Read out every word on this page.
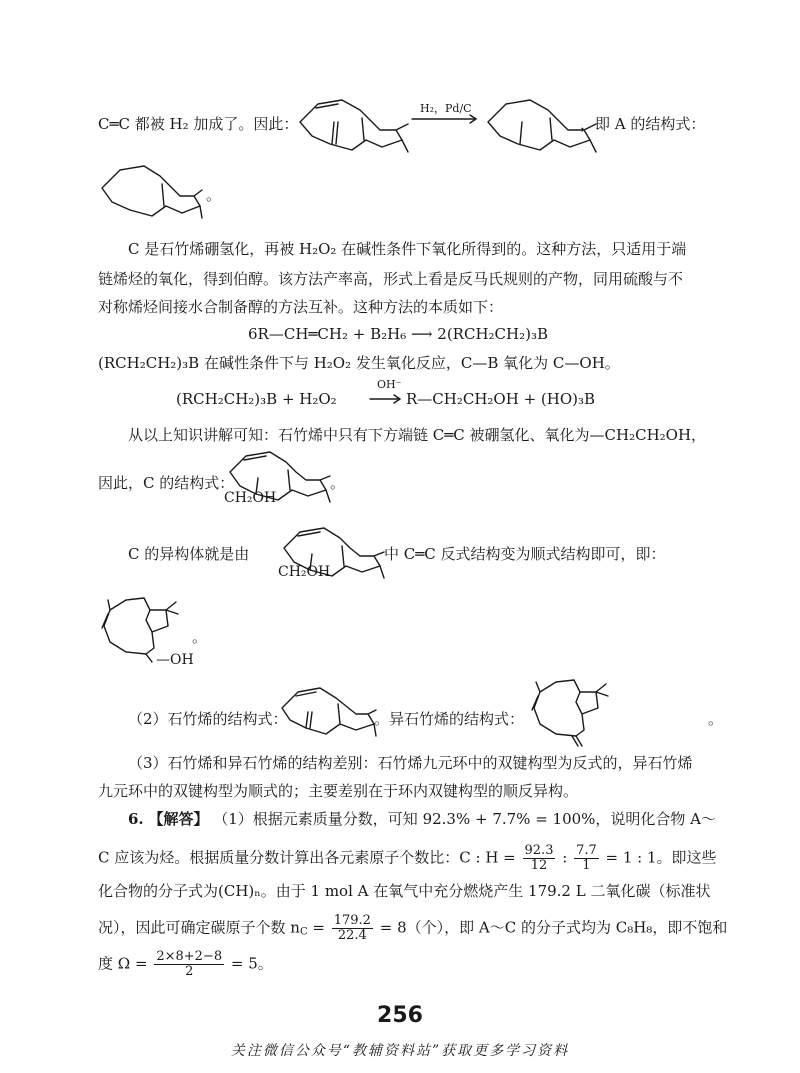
C═C 都被 H₂ 加成了。因此：
H₂，Pd/C
，即 A 的结构式：
。
C 是石竹烯硼氢化，再被 H₂O₂ 在碱性条件下氧化所得到的。这种方法，只适用于端
链烯烃的氧化，得到伯醇。该方法产率高，形式上看是反马氏规则的产物，同用硫酸与不
对称烯烃间接水合制备醇的方法互补。这种方法的本质如下：
6R—CH═CH₂ + B₂H₆ ⟶ 2(RCH₂CH₂)₃B
(RCH₂CH₂)₃B 在碱性条件下与 H₂O₂ 发生氧化反应，C—B 氧化为 C—OH。
(RCH₂CH₂)₃B + H₂O₂
OH⁻
R—CH₂CH₂OH + (HO)₃B
从以上知识讲解可知：石竹烯中只有下方端链 C═C 被硼氢化、氧化为—CH₂CH₂OH，
因此，C 的结构式：
CH₂OH
。
C 的异构体就是由
CH₂OH
中 C═C 反式结构变为顺式结构即可，即：
—OH
。
（2）石竹烯的结构式：	。异石竹烯的结构式：	。
（3）石竹烯和异石竹烯的结构差别：石竹烯九元环中的双键构型为反式的，异石竹烯
九元环中的双键构型为顺式的；主要差别在于环内双键构型的顺反异构。
6. 【解答】 （1）根据元素质量分数，可知 92.3% + 7.7% = 100%，说明化合物 A～
C 应该为烃。根据质量分数计算出各元素原子个数比：C : $H = \frac{92.3}{12}$ : $\frac{7.7}{1} = 1$ : 1。即这些
化合物的分子式为(CH)ₙ。由于 1 mol A 在氧气中充分燃烧产生 179.2 L 二氧化碳（标准状
况），因此可确定碳原子个数 $n_C = \frac{179.2}{22.4} = 8$（个），即 A～C 的分子式均为 C₈H₈，即不饱和
度 $\Omega = \frac{2\times 8+2-8}{2} = 5$。
256
关注微信公众号“教辅资料站”获取更多学习资料
